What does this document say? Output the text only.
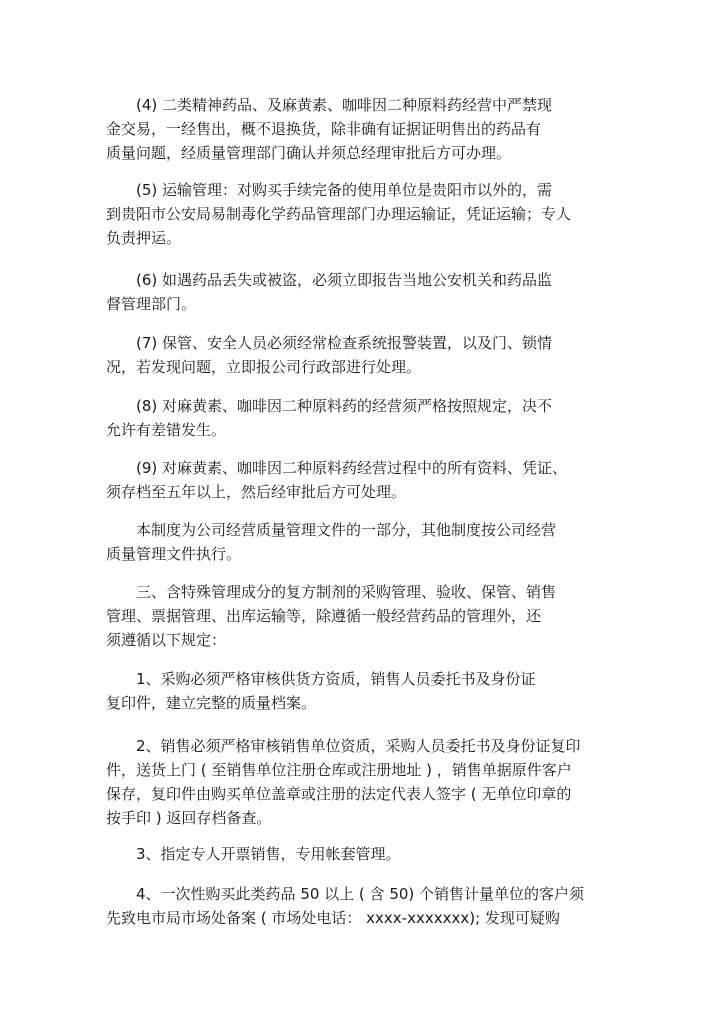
(4) 二类精神药品、及麻黄素、咖啡因二种原料药经营中严禁现
金交易，一经售出，概不退换货，除非确有证据证明售出的药品有
质量问题，经质量管理部门确认并须总经理审批后方可办理。
(5) 运输管理：对购买手续完备的使用单位是贵阳市以外的，需
到贵阳市公安局易制毒化学药品管理部门办理运输证，凭证运输；专人
负责押运。
(6) 如遇药品丢失或被盗，必须立即报告当地公安机关和药品监
督管理部门。
(7) 保管、安全人员必须经常检查系统报警装置，以及门、锁情
况，若发现问题，立即报公司行政部进行处理。
(8) 对麻黄素、咖啡因二种原料药的经营须严格按照规定，决不
允许有差错发生。
(9) 对麻黄素、咖啡因二种原料药经营过程中的所有资料、凭证、
须存档至五年以上，然后经审批后方可处理。
本制度为公司经营质量管理文件的一部分，其他制度按公司经营
质量管理文件执行。
三、含特殊管理成分的复方制剂的采购管理、验收、保管、销售
管理、票据管理、出库运输等，除遵循一般经营药品的管理外，还
须遵循以下规定：
1、采购必须严格审核供货方资质，销售人员委托书及身份证
复印件，建立完整的质量档案。
2、销售必须严格审核销售单位资质，采购人员委托书及身份证复印
件，送货上门 ( 至销售单位注册仓库或注册地址 ) ，销售单据原件客户
保存，复印件由购买单位盖章或注册的法定代表人签字 ( 无单位印章的
按手印 ) 返回存档备查。
3、指定专人开票销售，专用帐套管理。
4、一次性购买此类药品 50 以上 ( 含 50) 个销售计量单位的客户须
先致电市局市场处备案 ( 市场处电话： xxxx-xxxxxxx); 发现可疑购
